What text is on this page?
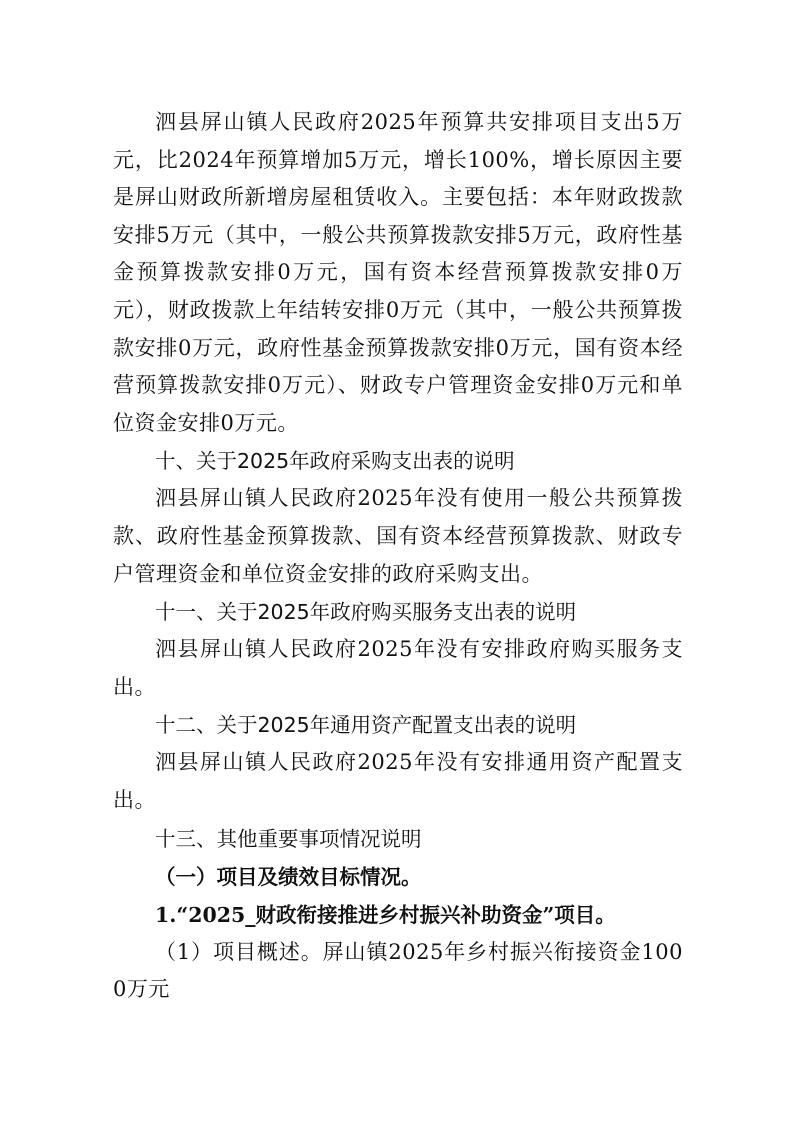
泗县屏山镇人民政府2025年预算共安排项目支出5万元，比2024年预算增加5万元，增长100%，增长原因主要是屏山财政所新增房屋租赁收入。主要包括：本年财政拨款安排5万元（其中，一般公共预算拨款安排5万元，政府性基金预算拨款安排0万元，国有资本经营预算拨款安排0万元），财政拨款上年结转安排0万元（其中，一般公共预算拨款安排0万元，政府性基金预算拨款安排0万元，国有资本经营预算拨款安排0万元）、财政专户管理资金安排0万元和单位资金安排0万元。

十、关于2025年政府采购支出表的说明

泗县屏山镇人民政府2025年没有使用一般公共预算拨款、政府性基金预算拨款、国有资本经营预算拨款、财政专户管理资金和单位资金安排的政府采购支出。

十一、关于2025年政府购买服务支出表的说明

泗县屏山镇人民政府2025年没有安排政府购买服务支出。

十二、关于2025年通用资产配置支出表的说明

泗县屏山镇人民政府2025年没有安排通用资产配置支出。

十三、其他重要事项情况说明

（一）项目及绩效目标情况。

1.“2025_财政衔接推进乡村振兴补助资金”项目。

（1）项目概述。屏山镇2025年乡村振兴衔接资金1000万元
